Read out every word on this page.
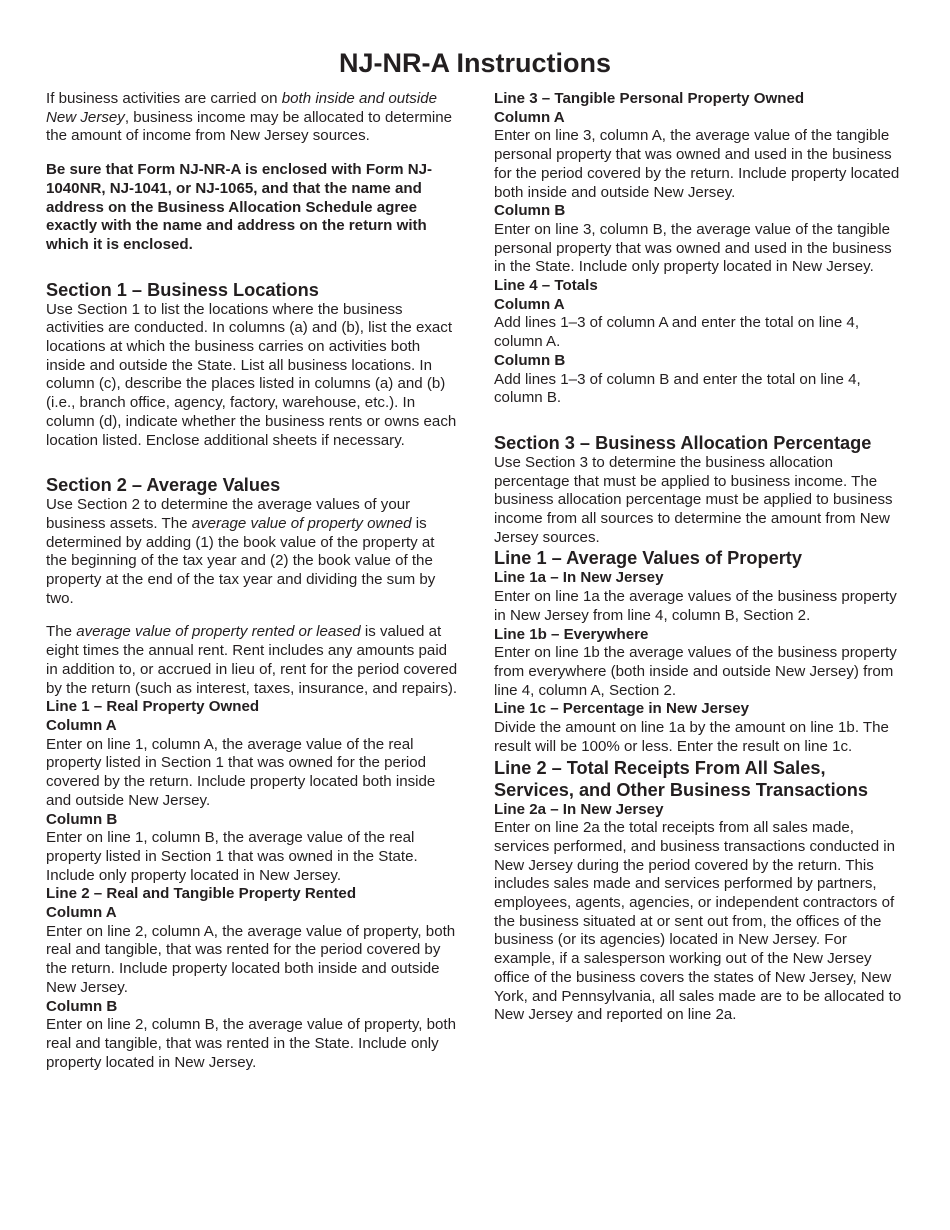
NJ-NR-A Instructions

If business activities are carried on both inside and outside New Jersey, business income may be allocated to determine the amount of income from New Jersey sources.

Be sure that Form NJ-NR-A is enclosed with Form NJ-1040NR, NJ-1041, or NJ-1065, and that the name and address on the Business Allocation Schedule agree exactly with the name and address on the return with which it is enclosed.

Section 1 – Business Locations

Use Section 1 to list the locations where the business activities are conducted. In columns (a) and (b), list the exact locations at which the business carries on activities both inside and outside the State. List all business locations. In column (c), describe the places listed in columns (a) and (b) (i.e., branch office, agency, factory, warehouse, etc.). In column (d), indicate whether the business rents or owns each location listed. Enclose additional sheets if necessary.

Section 2 – Average Values

Use Section 2 to determine the average values of your business assets. The average value of property owned is determined by adding (1) the book value of the property at the beginning of the tax year and (2) the book value of the property at the end of the tax year and dividing the sum by two.

The average value of property rented or leased is valued at eight times the annual rent. Rent includes any amounts paid in addition to, or accrued in lieu of, rent for the period covered by the return (such as interest, taxes, insurance, and repairs).

Line 1 – Real Property Owned
Column A

Enter on line 1, column A, the average value of the real property listed in Section 1 that was owned for the period covered by the return. Include property located both inside and outside New Jersey.

Column B

Enter on line 1, column B, the average value of the real property listed in Section 1 that was owned in the State. Include only property located in New Jersey.

Line 2 – Real and Tangible Property Rented
Column A

Enter on line 2, column A, the average value of property, both real and tangible, that was rented for the period covered by the return. Include property located both inside and outside New Jersey.

Column B

Enter on line 2, column B, the average value of property, both real and tangible, that was rented in the State. Include only property located in New Jersey.

Line 3 – Tangible Personal Property Owned
Column A

Enter on line 3, column A, the average value of the tangible personal property that was owned and used in the business for the period covered by the return. Include property located both inside and outside New Jersey.

Column B

Enter on line 3, column B, the average value of the tangible personal property that was owned and used in the business in the State. Include only property located in New Jersey.

Line 4 – Totals
Column A

Add lines 1–3 of column A and enter the total on line 4, column A.

Column B

Add lines 1–3 of column B and enter the total on line 4, column B.

Section 3 – Business Allocation Percentage

Use Section 3 to determine the business allocation percentage that must be applied to business income. The business allocation percentage must be applied to business income from all sources to determine the amount from New Jersey sources.

Line 1 – Average Values of Property
Line 1a – In New Jersey

Enter on line 1a the average values of the business property in New Jersey from line 4, column B, Section 2.

Line 1b – Everywhere

Enter on line 1b the average values of the business property from everywhere (both inside and outside New Jersey) from line 4, column A, Section 2.

Line 1c – Percentage in New Jersey

Divide the amount on line 1a by the amount on line 1b. The result will be 100% or less. Enter the result on line 1c.

Line 2 – Total Receipts From All Sales, Services, and Other Business Transactions
Line 2a – In New Jersey

Enter on line 2a the total receipts from all sales made, services performed, and business transactions conducted in New Jersey during the period covered by the return. This includes sales made and services performed by partners, employees, agents, agencies, or independent contractors of the business situated at or sent out from, the offices of the business (or its agencies) located in New Jersey. For example, if a salesperson working out of the New Jersey office of the business covers the states of New Jersey, New York, and Pennsylvania, all sales made are to be allocated to New Jersey and reported on line 2a.
